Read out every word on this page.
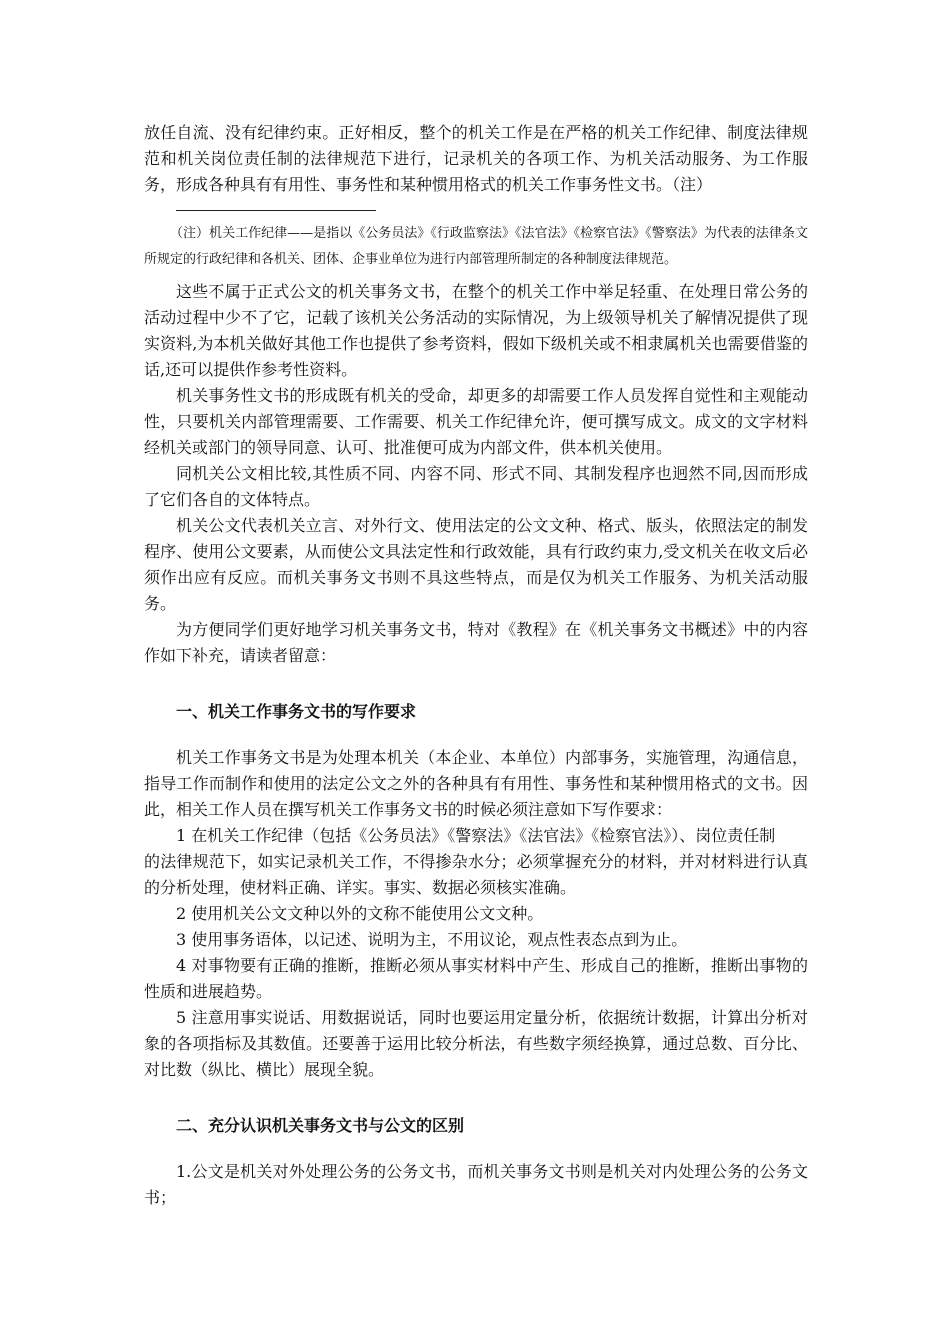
放任自流、没有纪律约束。正好相反，整个的机关工作是在严格的机关工作纪律、制度法律规范和机关岗位责任制的法律规范下进行，记录机关的各项工作、为机关活动服务、为工作服务，形成各种具有有用性、事务性和某种惯用格式的机关工作事务性文书。（注）

（注）机关工作纪律——是指以《公务员法》《行政监察法》《法官法》《检察官法》《警察法》为代表的法律条文所规定的行政纪律和各机关、团体、企事业单位为进行内部管理所制定的各种制度法律规范。

这些不属于正式公文的机关事务文书，在整个的机关工作中举足轻重、在处理日常公务的活动过程中少不了它，记载了该机关公务活动的实际情况，为上级领导机关了解情况提供了现实资料,为本机关做好其他工作也提供了参考资料，假如下级机关或不相隶属机关也需要借鉴的话,还可以提供作参考性资料。

机关事务性文书的形成既有机关的受命，却更多的却需要工作人员发挥自觉性和主观能动性，只要机关内部管理需要、工作需要、机关工作纪律允许，便可撰写成文。成文的文字材料经机关或部门的领导同意、认可、批准便可成为内部文件，供本机关使用。

同机关公文相比较,其性质不同、内容不同、形式不同、其制发程序也迥然不同,因而形成了它们各自的文体特点。

机关公文代表机关立言、对外行文、使用法定的公文文种、格式、版头，依照法定的制发程序、使用公文要素，从而使公文具法定性和行政效能，具有行政约束力,受文机关在收文后必须作出应有反应。而机关事务文书则不具这些特点，而是仅为机关工作服务、为机关活动服务。

为方便同学们更好地学习机关事务文书，特对《教程》在《机关事务文书概述》中的内容作如下补充，请读者留意：

一、机关工作事务文书的写作要求

机关工作事务文书是为处理本机关（本企业、本单位）内部事务，实施管理，沟通信息，指导工作而制作和使用的法定公文之外的各种具有有用性、事务性和某种惯用格式的文书。因此，相关工作人员在撰写机关工作事务文书的时候必须注意如下写作要求：

1 在机关工作纪律（包括《公务员法》《警察法》《法官法》《检察官法》）、岗位责任制

的法律规范下，如实记录机关工作，不得掺杂水分；必须掌握充分的材料，并对材料进行认真的分析处理，使材料正确、详实。事实、数据必须核实准确。

2 使用机关公文文种以外的文称不能使用公文文种。

3 使用事务语体，以记述、说明为主，不用议论，观点性表态点到为止。

4 对事物要有正确的推断，推断必须从事实材料中产生、形成自己的推断，推断出事物的性质和进展趋势。

5 注意用事实说话、用数据说话，同时也要运用定量分析，依据统计数据，计算出分析对象的各项指标及其数值。还要善于运用比较分析法，有些数字须经换算，通过总数、百分比、对比数（纵比、横比）展现全貌。

二、充分认识机关事务文书与公文的区别

1.公文是机关对外处理公务的公务文书，而机关事务文书则是机关对内处理公务的公务文书；
